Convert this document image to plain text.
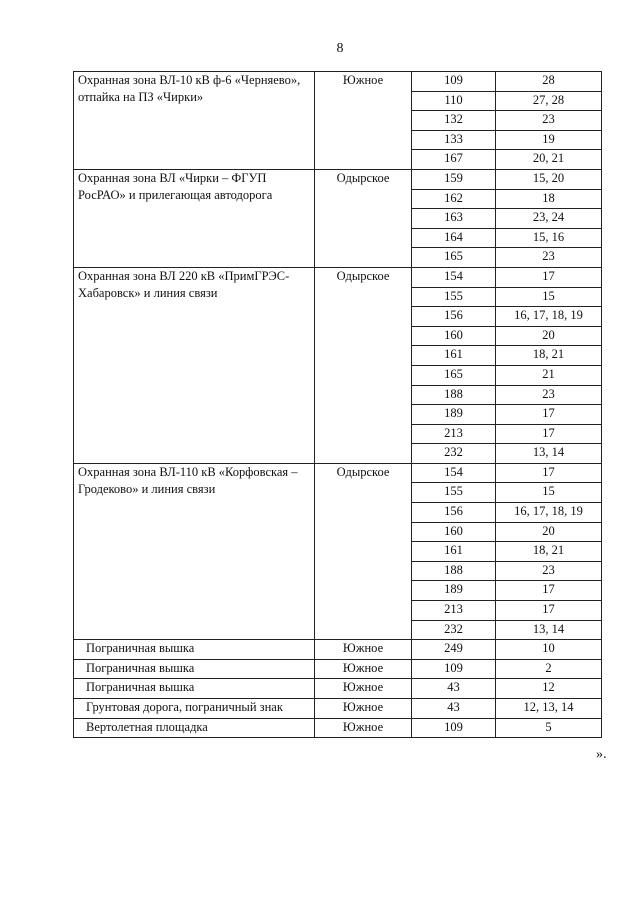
8
Охранная зона ВЛ-10 кВ ф-6 «Черняево», отпайка на ПЗ «Чирки»	Южное	109	28
		110	27, 28
		132	23
		133	19
		167	20, 21
Охранная зона ВЛ «Чирки – ФГУП РосРАО» и прилегающая автодорога	Одырское	159	15, 20
		162	18
		163	23, 24
		164	15, 16
		165	23
Охранная зона ВЛ 220 кВ «ПримГРЭС-Хабаровск» и линия связи	Одырское	154	17
		155	15
		156	16, 17, 18, 19
		160	20
		161	18, 21
		165	21
		188	23
		189	17
		213	17
		232	13, 14
Охранная зона ВЛ-110 кВ «Корфовская – Гродеково» и линия связи	Одырское	154	17
		155	15
		156	16, 17, 18, 19
		160	20
		161	18, 21
		188	23
		189	17
		213	17
		232	13, 14
Пограничная вышка	Южное	249	10
Пограничная вышка	Южное	109	2
Пограничная вышка	Южное	43	12
Грунтовая дорога, пограничный знак	Южное	43	12, 13, 14
Вертолетная площадка	Южное	109	5
».
